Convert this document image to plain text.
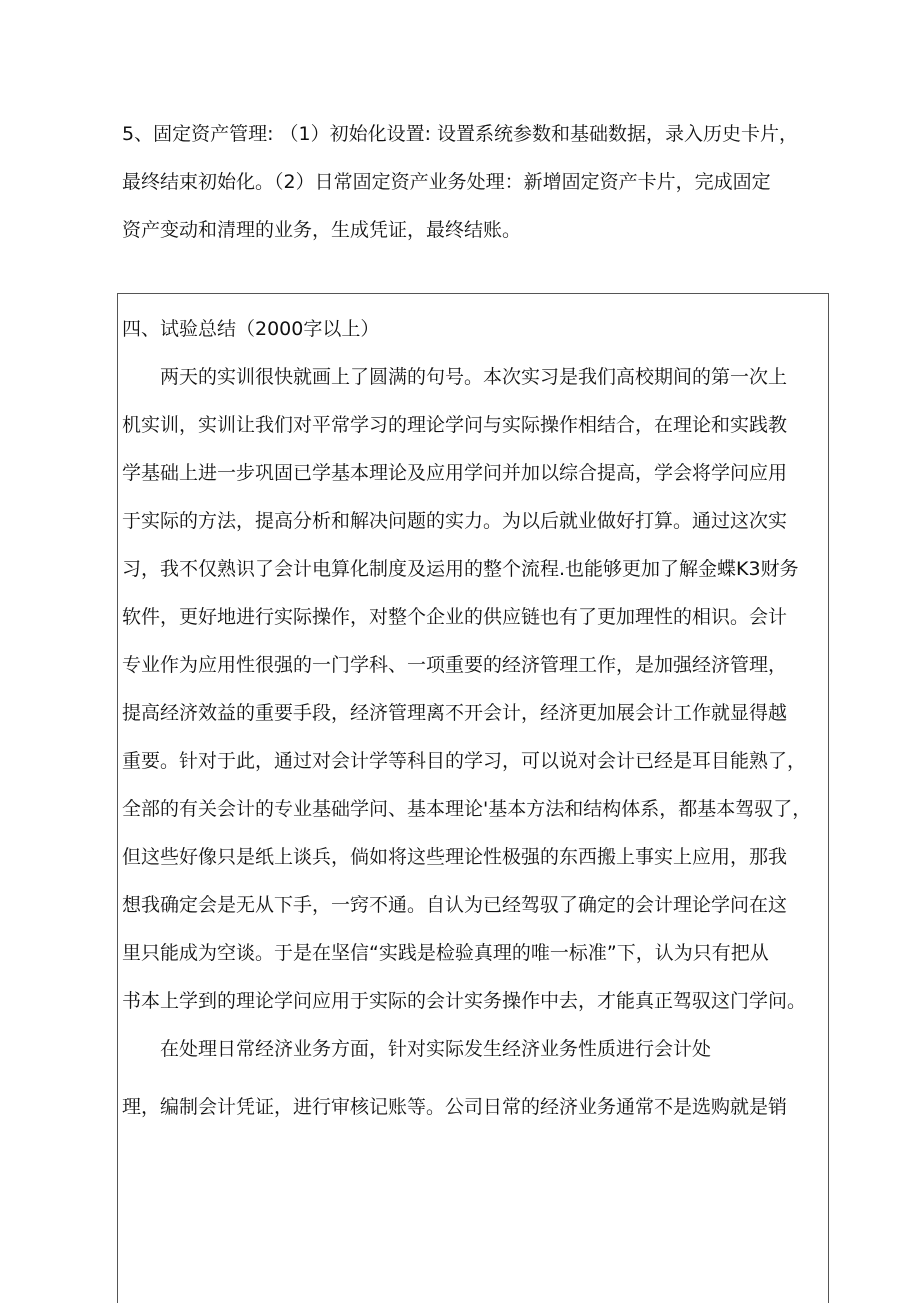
5、固定资产管理: （1）初始化设置: 设置系统参数和基础数据，录入历史卡片，
最终结束初始化。（2）日常固定资产业务处理：新增固定资产卡片，完成固定
资产变动和清理的业务，生成凭证，最终结账。
四、试验总结（2000字以上）
　　两天的实训很快就画上了圆满的句号。本次实习是我们高校期间的第一次上
机实训，实训让我们对平常学习的理论学问与实际操作相结合，在理论和实践教
学基础上进一步巩固已学基本理论及应用学问并加以综合提高，学会将学问应用
于实际的方法，提高分析和解决问题的实力。为以后就业做好打算。通过这次实
习，我不仅熟识了会计电算化制度及运用的整个流程.也能够更加了解金蝶K3财务
软件，更好地进行实际操作，对整个企业的供应链也有了更加理性的相识。会计
专业作为应用性很强的一门学科、一项重要的经济管理工作，是加强经济管理，
提高经济效益的重要手段，经济管理离不开会计，经济更加展会计工作就显得越
重要。针对于此，通过对会计学等科目的学习，可以说对会计已经是耳目能熟了，
全部的有关会计的专业基础学问、基本理论'基本方法和结构体系，都基本驾驭了，
但这些好像只是纸上谈兵，倘如将这些理论性极强的东西搬上事实上应用，那我
想我确定会是无从下手，一窍不通。自认为已经驾驭了确定的会计理论学问在这
里只能成为空谈。于是在坚信“实践是检验真理的唯一标准”下，认为只有把从
书本上学到的理论学问应用于实际的会计实务操作中去，才能真正驾驭这门学问。
　　在处理日常经济业务方面，针对实际发生经济业务性质进行会计处
理，编制会计凭证，进行审核记账等。公司日常的经济业务通常不是选购就是销
